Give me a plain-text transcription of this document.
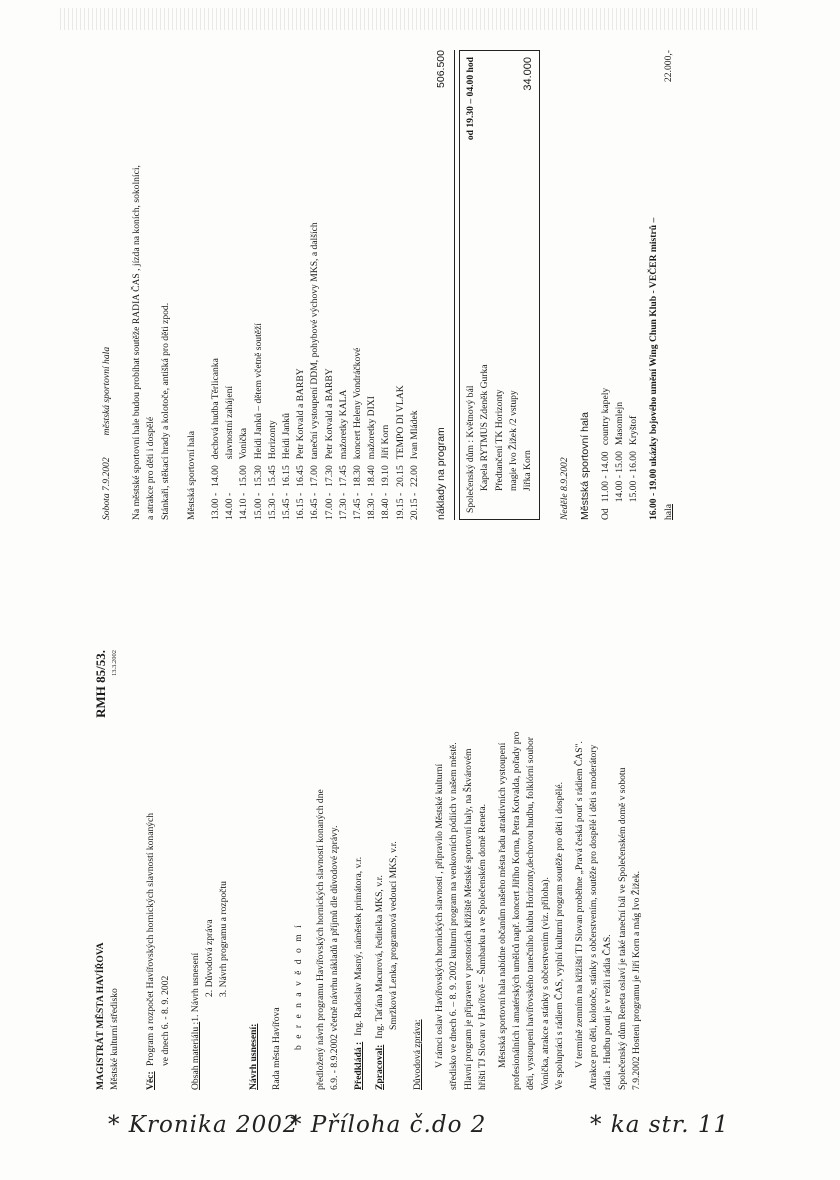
Sobota 7.9.2002
městská sportovní hala Na městské sportovní hale budou probíhat soutěže RADIA ČAS , jízda na koních, sokolníci, a atrakce pro děti i dospělé Stánkaři, stěkací hrady a kolotoče, antišká pro děti zpod. Městská sportovní hala 13.00 -	14.00	dechová hudba Těrlicanka
14.00 -		slavnostní zahájení
14.10 -	15.00	Vonička
15.00 -	15.30	Heidi Janků – dětem včetně soutěží
15.30 -	15.45	Horizonty
15.45 -	16.15	Heidi Janků
16.15 -	16.45	Petr Kotvald a BARBY
16.45 -	17.00	taneční vystoupení DDM, pohybové výchovy MKS, a dalších
17.00 -	17.30	Petr Kotvald a BARBY
17.30 -	17.45	mažoretky KALA
17.45 -	18.30	koncert Heleny Vondráčkové
18.30 -	18.40	mažoretky DIXI
18.40 -	19.10	Jiří Korn
19.15 -	20.15	TEMPO DI VLAK
20.15 -	22.00	Ivan Mládek náklady na program
506.500
Společenský dům : Květnový bál
od 19.30 – 04.00 hod
Kapela RYTMUS Zdeněk Gurka Předtančení TK Horizonty magie Ivo Žižek /2 vstupy Jiřka Korn
34.000
Neděle 8.9.2002 Městská sportovní hala Od	11.00 - 14.00	country kapely
	14.00 - 15.00	Masomlejn
	15.00 - 16.00	Kryštof 16.00 - 19.00 ukázky bojového umění Wing Chun Klub - VEČER mistrů – hala
22.000,-
MAGISTRÁT MĚSTA HAVÍŘOVA
RMH 85/53.
Městské kulturní středisko
13.3.2002
Věc:
Program a rozpočet Havířovských hornických slavností konaných ve dnech 6. - 8. 9. 2002 Obsah materiálu :
1. Návrh usnesení 2. Důvodová zpráva 3. Návrh programu a rozpočtu
Návrh usnesení: Rada města Havířova b e r e n a v ě d o m í předložený návrh programu Havířovských hornických slavností konaných dne 6.9. - 8.9.2002 včetně návrhu nákladů a příjmů dle důvodové zprávy. Předkládá :
Ing. Radoslav Masný, náměstek primátora, v.r.
Zpracoval:
Ing. Taťána Macurová, ředitelka MKS, v.r. Smržková Lenka, programová vedoucí MKS, v.r.
Důvodová zpráva: V rámci oslav Havířovských hornických slavností , připravilo Městské kulturní středisko ve dnech 6. – 8. 9. 2002 kulturní program na venkovních pódiích v našem městě. Hlavní program je připraven v prostorách křižiště Městské sportovní haly, na Škvárovém hřišti TJ Slovan v Havířově – Šumbarku a ve Společenském domě Reneta. Městská sportovní hala nabídne občanům našeho města řadu atraktivních vystoupení profesionálních i amatérských umělců např. koncert Jiřího Korna, Petra Kotvalda, pořady pro děti, vystoupení havířovského tanečního klubu Horizonty,dechovou hudbu, folklórní soubor Vonička, atrakce a stánky s občerstvením (viz. příloha). Ve spolupráci s rádiem ČAS, vyplní kulturní program soutěže pro děti i dospělé. V termíně zemním na křižiští TJ Slovan proběhne „Pravá česká pouť s rádiem ČAS". Atrakce pro děti, kolotoče, stánky s občerstvením, soutěže pro dospělé i děti s moderátory rádia . Hudbu pouti je v režii rádia ČAS. Společenský dům Reneta oslaví je také taneční bál ve Společenském domě v sobotu 7.9.2002 Hosteni programu je Jiří Korn a mág Ivo Žižek.
* Kronika 2002
* Příloha č.do 2	* ka str. 11
